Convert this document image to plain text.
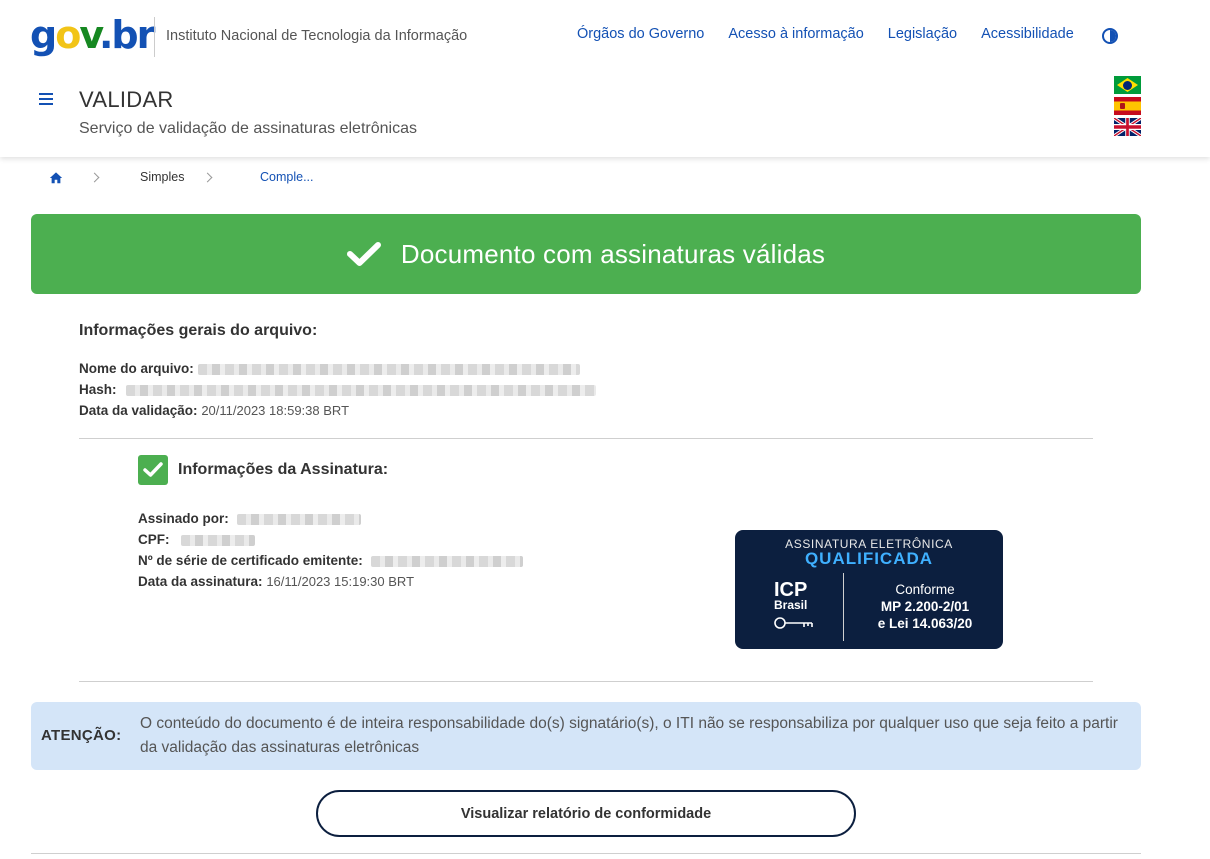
gov.br Instituto Nacional de Tecnologia da Informação	Órgãos do Governo Acesso à informação Legislação Acessibilidade
VALIDAR
Serviço de validação de assinaturas eletrônicas
Simples	Comple...
Documento com assinaturas válidas
Informações gerais do arquivo:
Nome do arquivo:
Hash:
Data da validação: 20/11/2023 18:59:38 BRT
Informações da Assinatura:
Assinado por:
CPF:
Nº de série de certificado emitente:
Data da assinatura: 16/11/2023 15:19:30 BRT
ASSINATURA ELETRÔNICA
QUALIFICADA
ICP
Brasil
Conforme
MP 2.200-2/01
e Lei 14.063/20
ATENÇÃO:
O conteúdo do documento é de inteira responsabilidade do(s) signatário(s), o ITI não se responsabiliza por qualquer uso que seja feito a partir da validação das assinaturas eletrônicas
Visualizar relatório de conformidade
